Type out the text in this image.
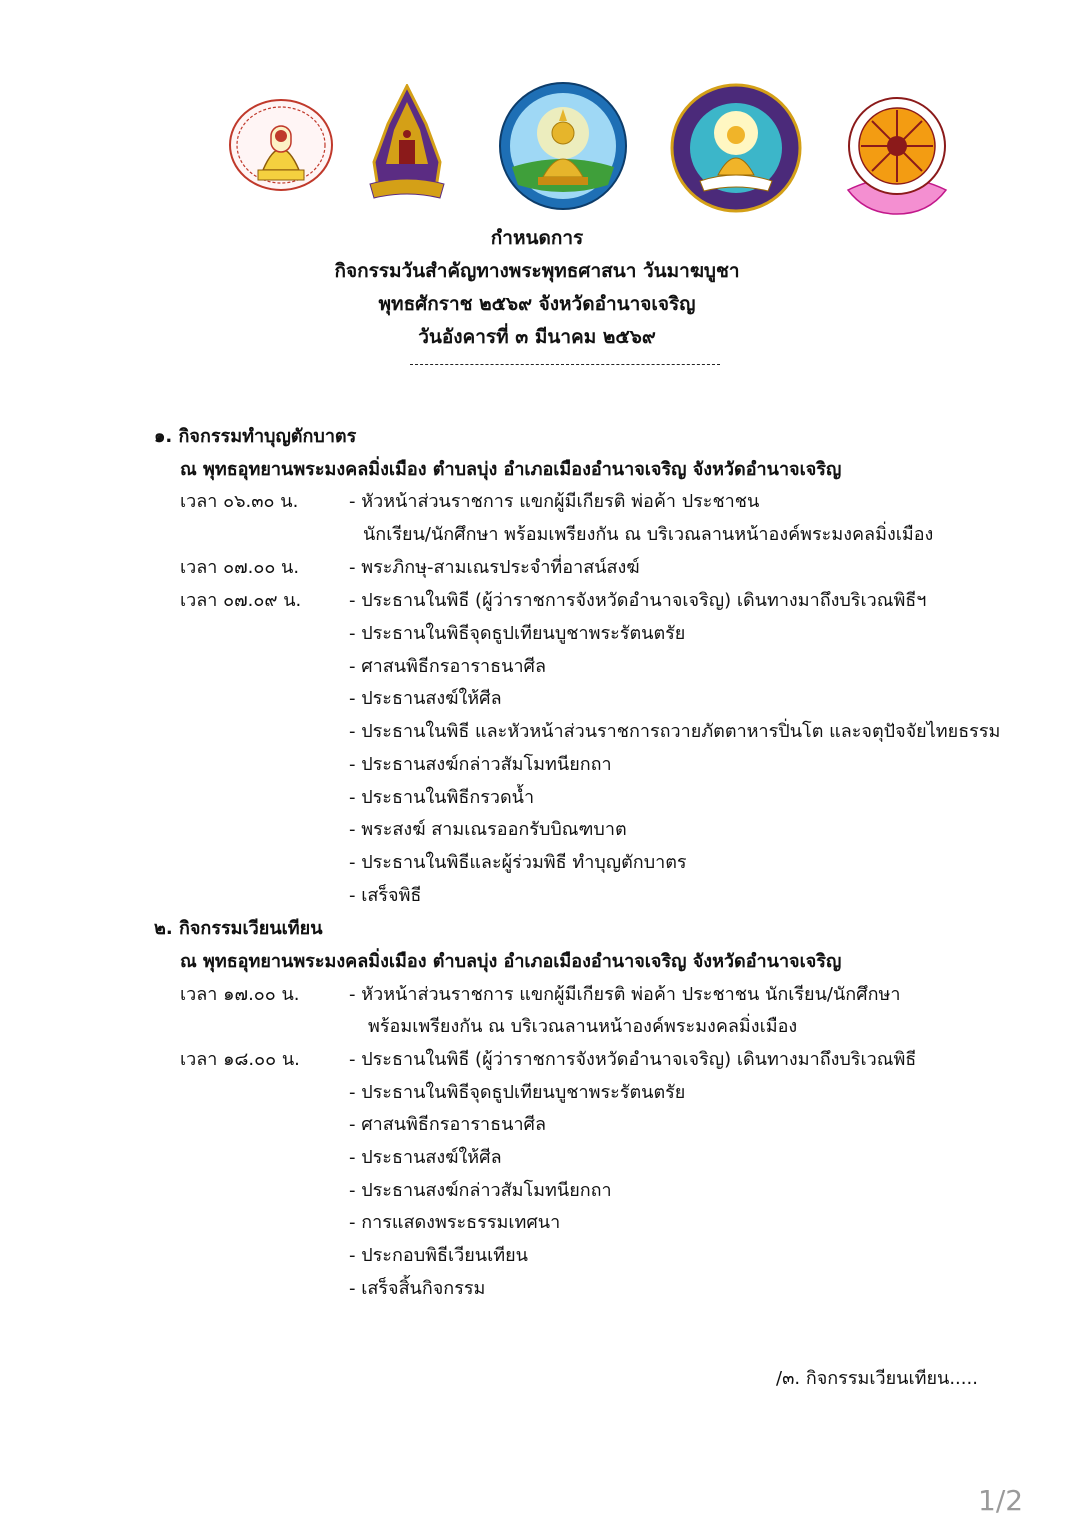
กำหนดการ
กิจกรรมวันสำคัญทางพระพุทธศาสนา วันมาฆบูชา
พุทธศักราช ๒๕๖๙ จังหวัดอำนาจเจริญ
วันอังคารที่ ๓ มีนาคม ๒๕๖๙
๑. กิจกรรมทำบุญตักบาตร
ณ พุทธอุทยานพระมงคลมิ่งเมือง ตำบลบุ่ง อำเภอเมืองอำนาจเจริญ จังหวัดอำนาจเจริญ
เวลา ๐๖.๓๐ น.	- หัวหน้าส่วนราชการ แขกผู้มีเกียรติ พ่อค้า ประชาชน
นักเรียน/นักศึกษา พร้อมเพรียงกัน ณ บริเวณลานหน้าองค์พระมงคลมิ่งเมือง
เวลา ๐๗.๐๐ น.	- พระภิกษุ-สามเณรประจำที่อาสน์สงฆ์
เวลา ๐๗.๐๙ น.	- ประธานในพิธี (ผู้ว่าราชการจังหวัดอำนาจเจริญ) เดินทางมาถึงบริเวณพิธีฯ
- ประธานในพิธีจุดธูปเทียนบูชาพระรัตนตรัย
- ศาสนพิธีกรอาราธนาศีล
- ประธานสงฆ์ให้ศีล
- ประธานในพิธี และหัวหน้าส่วนราชการถวายภัตตาหารปิ่นโต และจตุปัจจัยไทยธรรม
- ประธานสงฆ์กล่าวสัมโมทนียกถา
- ประธานในพิธีกรวดน้ำ
- พระสงฆ์ สามเณรออกรับบิณฑบาต
- ประธานในพิธีและผู้ร่วมพิธี ทำบุญตักบาตร
- เสร็จพิธี
๒. กิจกรรมเวียนเทียน
ณ พุทธอุทยานพระมงคลมิ่งเมือง ตำบลบุ่ง อำเภอเมืองอำนาจเจริญ จังหวัดอำนาจเจริญ
เวลา ๑๗.๐๐ น.	- หัวหน้าส่วนราชการ แขกผู้มีเกียรติ พ่อค้า ประชาชน นักเรียน/นักศึกษา
พร้อมเพรียงกัน ณ บริเวณลานหน้าองค์พระมงคลมิ่งเมือง
เวลา ๑๘.๐๐ น.	- ประธานในพิธี (ผู้ว่าราชการจังหวัดอำนาจเจริญ) เดินทางมาถึงบริเวณพิธี
- ประธานในพิธีจุดธูปเทียนบูชาพระรัตนตรัย
- ศาสนพิธีกรอาราธนาศีล
- ประธานสงฆ์ให้ศีล
- ประธานสงฆ์กล่าวสัมโมทนียกถา
- การแสดงพระธรรมเทศนา
- ประกอบพิธีเวียนเทียน
- เสร็จสิ้นกิจกรรม
/๓. กิจกรรมเวียนเทียน.....
1/2
